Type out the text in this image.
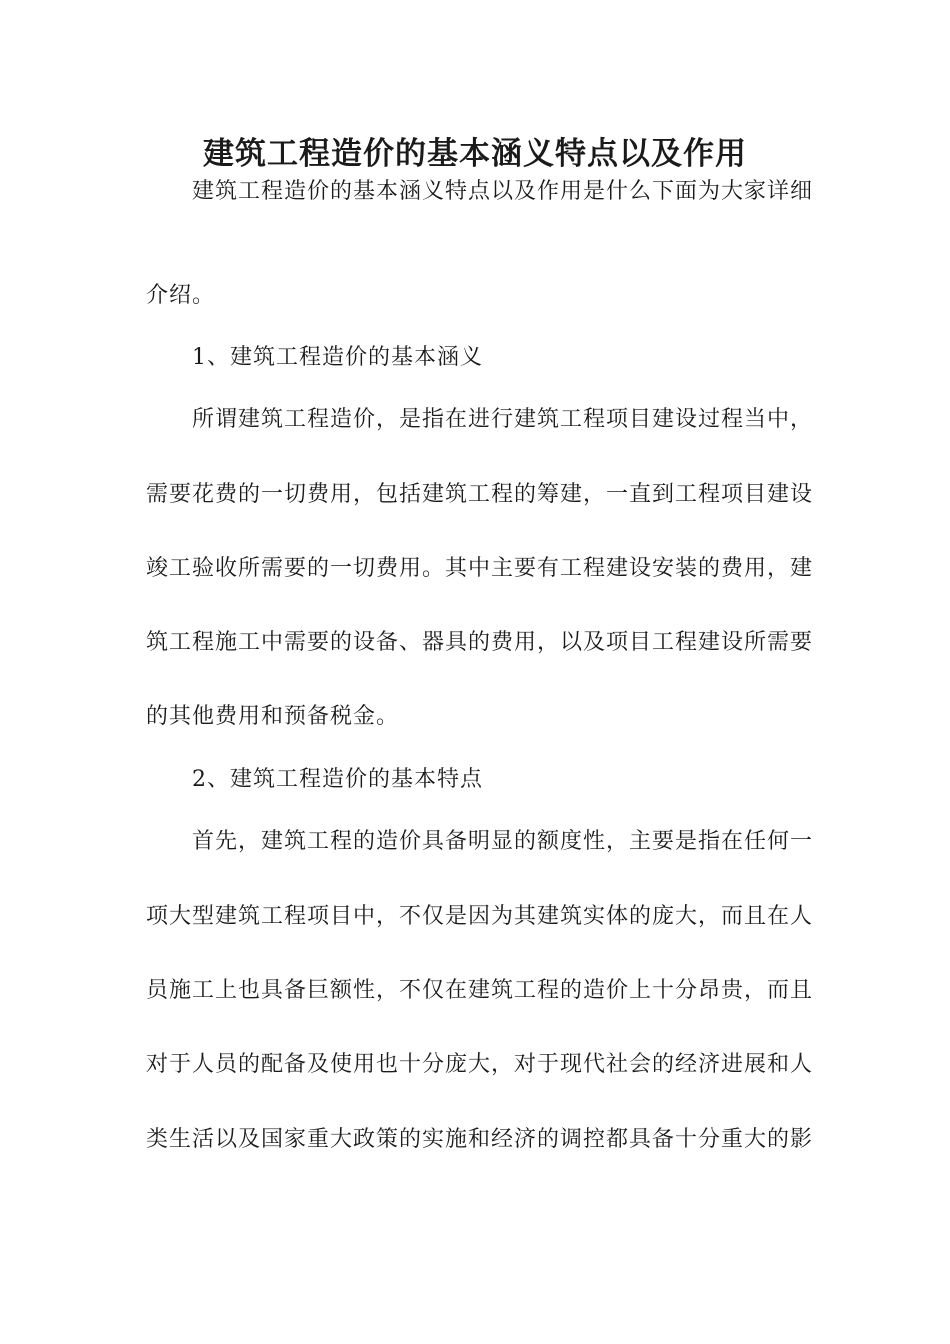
建筑工程造价的基本涵义特点以及作用
建筑工程造价的基本涵义特点以及作用是什么下面为大家详细
介绍。
1、建筑工程造价的基本涵义
所谓建筑工程造价，是指在进行建筑工程项目建设过程当中，
需要花费的一切费用，包括建筑工程的筹建，一直到工程项目建设
竣工验收所需要的一切费用。其中主要有工程建设安装的费用，建
筑工程施工中需要的设备、器具的费用，以及项目工程建设所需要
的其他费用和预备税金。
2、建筑工程造价的基本特点
首先，建筑工程的造价具备明显的额度性，主要是指在任何一
项大型建筑工程项目中，不仅是因为其建筑实体的庞大，而且在人
员施工上也具备巨额性，不仅在建筑工程的造价上十分昂贵，而且
对于人员的配备及使用也十分庞大，对于现代社会的经济进展和人
类生活以及国家重大政策的实施和经济的调控都具备十分重大的影
